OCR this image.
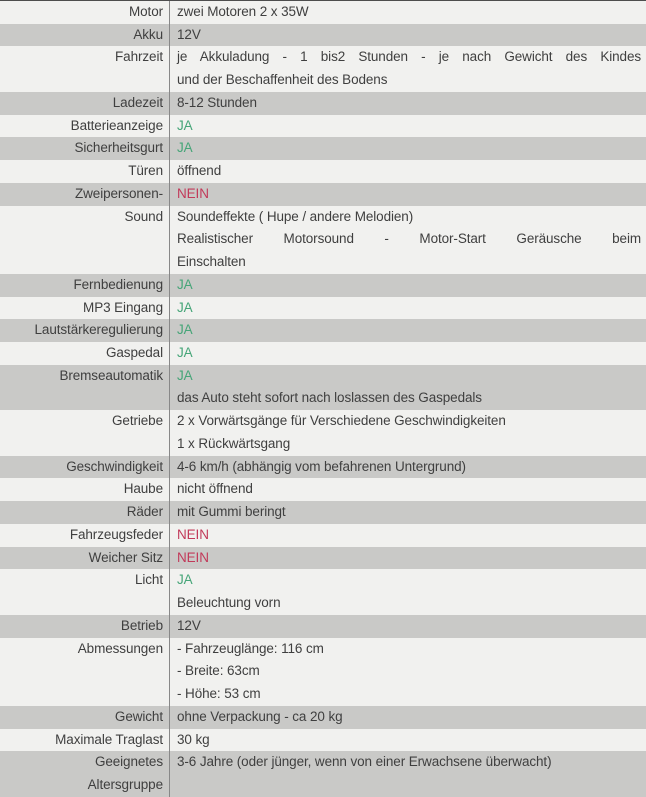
Motor zwei Motoren 2 x 35W
Akku 12V
Fahrzeit je Akkuladung - 1 bis2 Stunden - je nach Gewicht des Kindes
und der Beschaffenheit des Bodens
Ladezeit 8-12 Stunden
Batterieanzeige JA
Sicherheitsgurt JA
Türen öffnend
Zweipersonen- NEIN
Sound Soundeffekte ( Hupe / andere Melodien)
Realistischer Motorsound - Motor-Start Geräusche beim
Einschalten
Fernbedienung JA
MP3 Eingang JA
Lautstärkeregulierung JA
Gaspedal JA
Bremseautomatik JA
das Auto steht sofort nach loslassen des Gaspedals
Getriebe 2 x Vorwärtsgänge für Verschiedene Geschwindigkeiten
1 x Rückwärtsgang
Geschwindigkeit 4-6 km/h (abhängig vom befahrenen Untergrund)
Haube nicht öffnend
Räder mit Gummi beringt
Fahrzeugsfeder NEIN
Weicher Sitz NEIN
Licht JA
Beleuchtung vorn
Betrieb 12V
Abmessungen - Fahrzeuglänge: 116 cm
- Breite: 63cm
- Höhe: 53 cm
Gewicht ohne Verpackung - ca 20 kg
Maximale Traglast 30 kg
Geeignetes
Altersgruppe
3-6 Jahre (oder jünger, wenn von einer Erwachsene überwacht)
